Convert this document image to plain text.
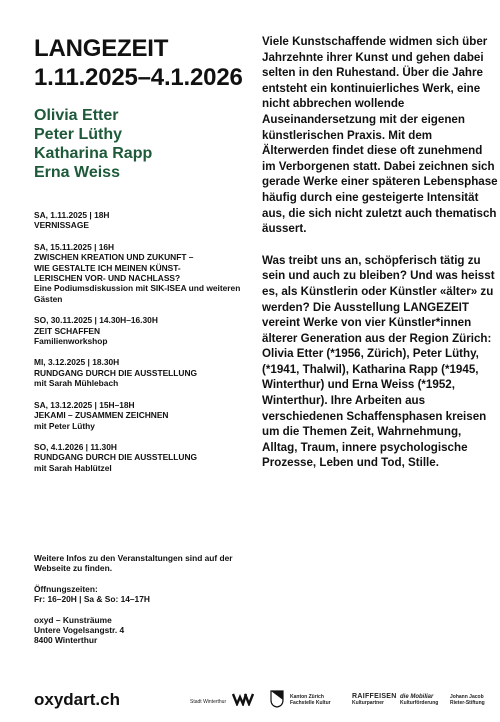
LANGEZEIT
1.11.2025–4.1.2026
Olivia Etter
Peter Lüthy
Katharina Rapp
Erna Weiss
SA, 1.11.2025 | 18H
VERNISSAGE
SA, 15.11.2025 | 16H
ZWISCHEN KREATION UND ZUKUNFT –
WIE GESTALTE ICH MEINEN KÜNST-
LERISCHEN VOR- UND NACHLASS?
Eine Podiumsdiskussion mit SIK-ISEA und weiteren Gästen
SO, 30.11.2025 | 14.30H–16.30H
ZEIT SCHAFFEN
Familienworkshop
MI, 3.12.2025 | 18.30H
RUNDGANG DURCH DIE AUSSTELLUNG
mit Sarah Mühlebach
SA, 13.12.2025 | 15H–18H
JEKAMI – ZUSAMMEN ZEICHNEN
mit Peter Lüthy
SO, 4.1.2026 | 11.30H
RUNDGANG DURCH DIE AUSSTELLUNG
mit Sarah Hablützel

Weitere Infos zu den Veranstaltungen sind auf der Webseite zu finden.

Öffnungszeiten:
Fr: 16–20H | Sa & So: 14–17H

oxyd – Kunsträume
Untere Vogelsangstr. 4
8400 Winterthur

Viele Kunstschaffende widmen sich über Jahrzehnte ihrer Kunst und gehen dabei selten in den Ruhestand. Über die Jahre entsteht ein kontinuierliches Werk, eine nicht abbrechen wollende Auseinandersetzung mit der eigenen künstlerischen Praxis. Mit dem Älterwerden findet diese oft zunehmend im Verborgenen statt. Dabei zeichnen sich gerade Werke einer späteren Lebensphase häufig durch eine gesteigerte Intensität aus, die sich nicht zuletzt auch thematisch äussert.

Was treibt uns an, schöpferisch tätig zu sein und auch zu bleiben? Und was heisst es, als Künstlerin oder Künstler «älter» zu werden? Die Ausstellung LANGEZEIT vereint Werke von vier Künstler*innen älterer Generation aus der Region Zürich: Olivia Etter (*1956, Zürich), Peter Lüthy, (*1941, Thalwil), Katharina Rapp (*1945, Winterthur) und Erna Weiss (*1952, Winterthur). Ihre Arbeiten aus verschiedenen Schaffensphasen kreisen um die Themen Zeit, Wahrnehmung, Alltag, Traum, innere psychologische Prozesse, Leben und Tod, Stille.

oxydart.ch	Stadt Winterthur
Kanton Zürich
Fachstelle Kultur
RAIFFEISEN
Kulturpartner
die Mobiliar
Kulturförderung
Johann Jacob
Rieter-Stiftung
